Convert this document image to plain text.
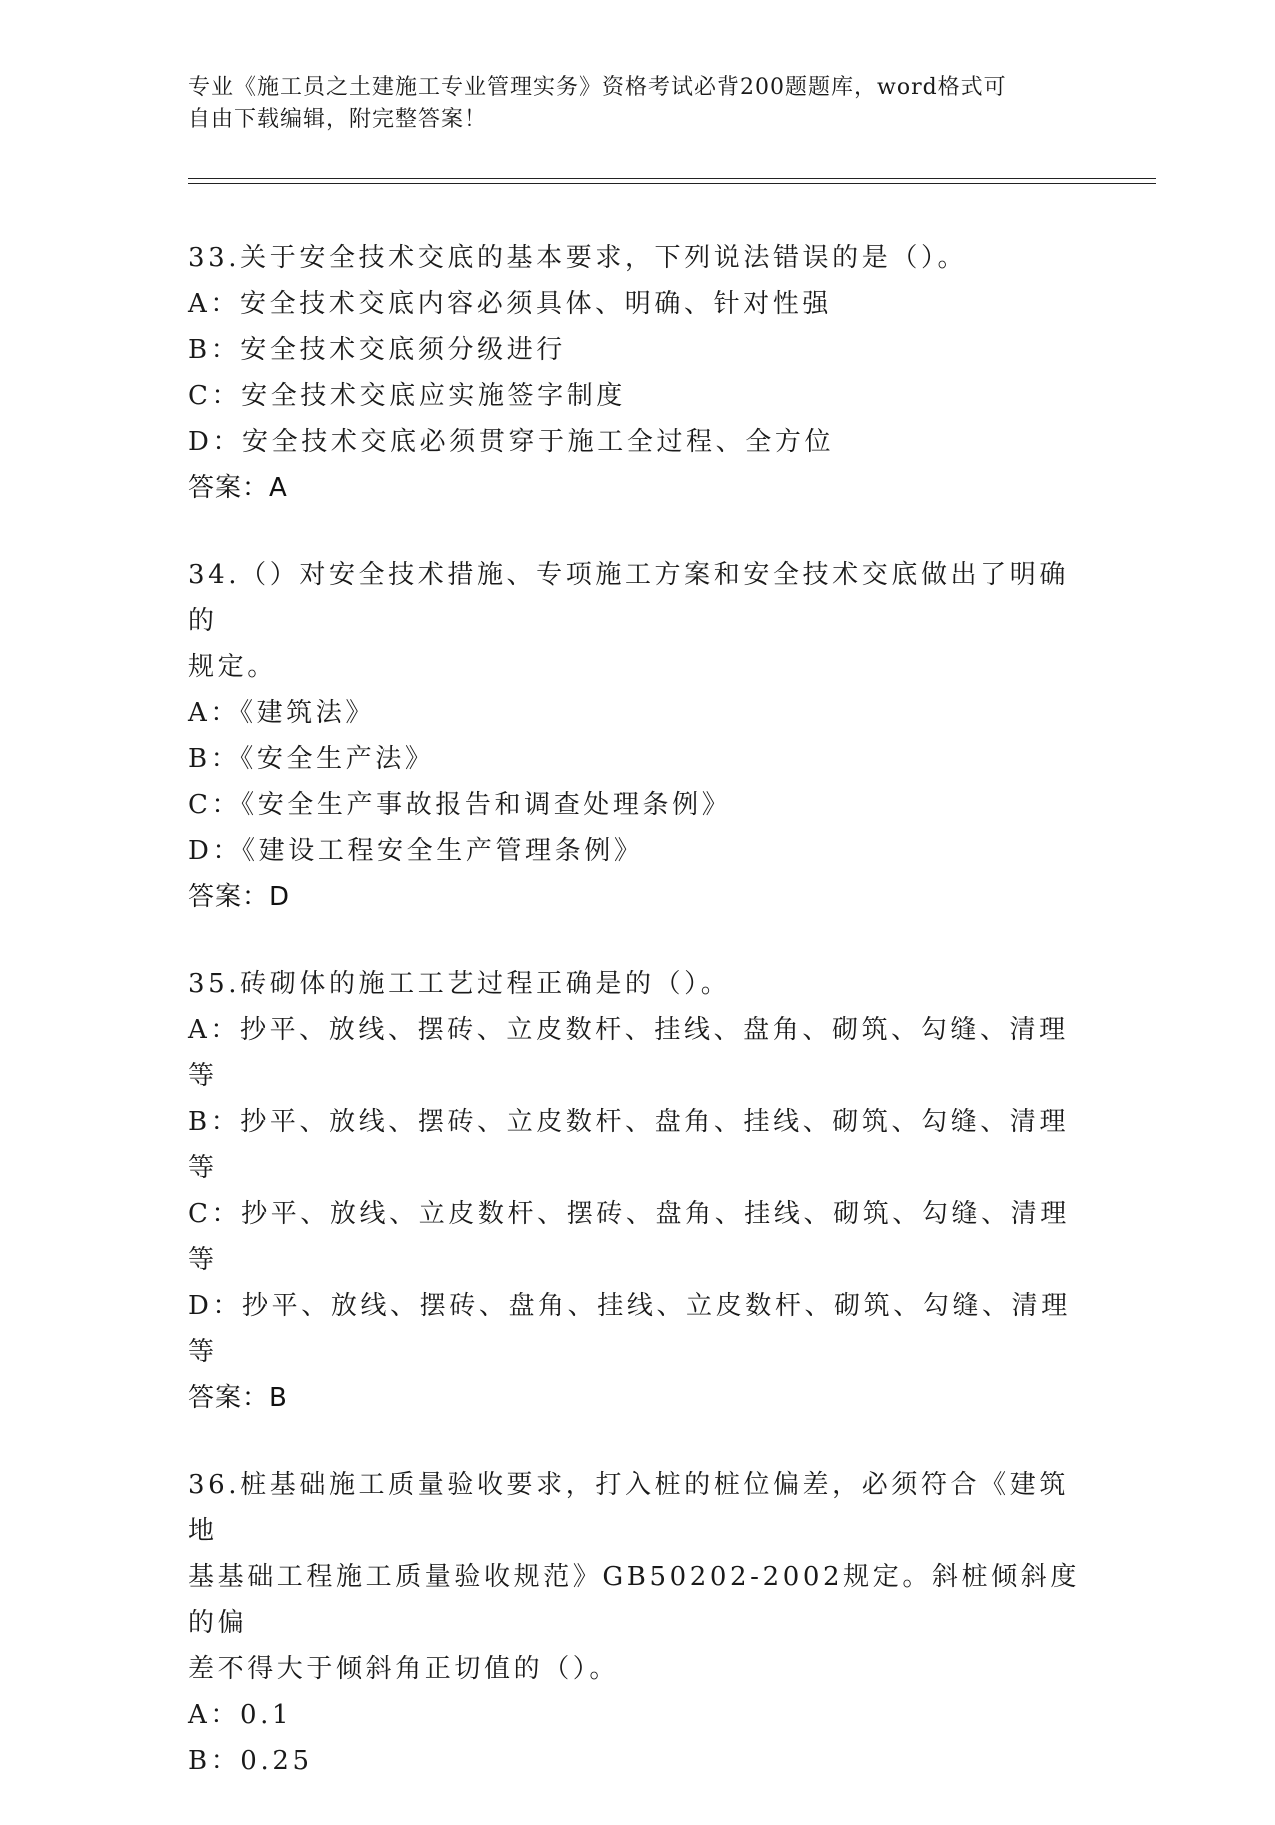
专业《施工员之土建施工专业管理实务》资格考试必背200题题库，word格式可
自由下载编辑，附完整答案！
33.关于安全技术交底的基本要求，下列说法错误的是（）。
A：安全技术交底内容必须具体、明确、针对性强
B：安全技术交底须分级进行
C：安全技术交底应实施签字制度
D：安全技术交底必须贯穿于施工全过程、全方位
答案：A
34.（）对安全技术措施、专项施工方案和安全技术交底做出了明确的
规定。
A：《建筑法》
B：《安全生产法》
C：《安全生产事故报告和调查处理条例》
D：《建设工程安全生产管理条例》
答案：D
35.砖砌体的施工工艺过程正确是的（）。
A：抄平、放线、摆砖、立皮数杆、挂线、盘角、砌筑、勾缝、清理等
B：抄平、放线、摆砖、立皮数杆、盘角、挂线、砌筑、勾缝、清理等
C：抄平、放线、立皮数杆、摆砖、盘角、挂线、砌筑、勾缝、清理等
D：抄平、放线、摆砖、盘角、挂线、立皮数杆、砌筑、勾缝、清理等
答案：B
36.桩基础施工质量验收要求，打入桩的桩位偏差，必须符合《建筑地
基基础工程施工质量验收规范》GB50202-2002规定。斜桩倾斜度的偏
差不得大于倾斜角正切值的（）。
A：0.1
B：0.25
